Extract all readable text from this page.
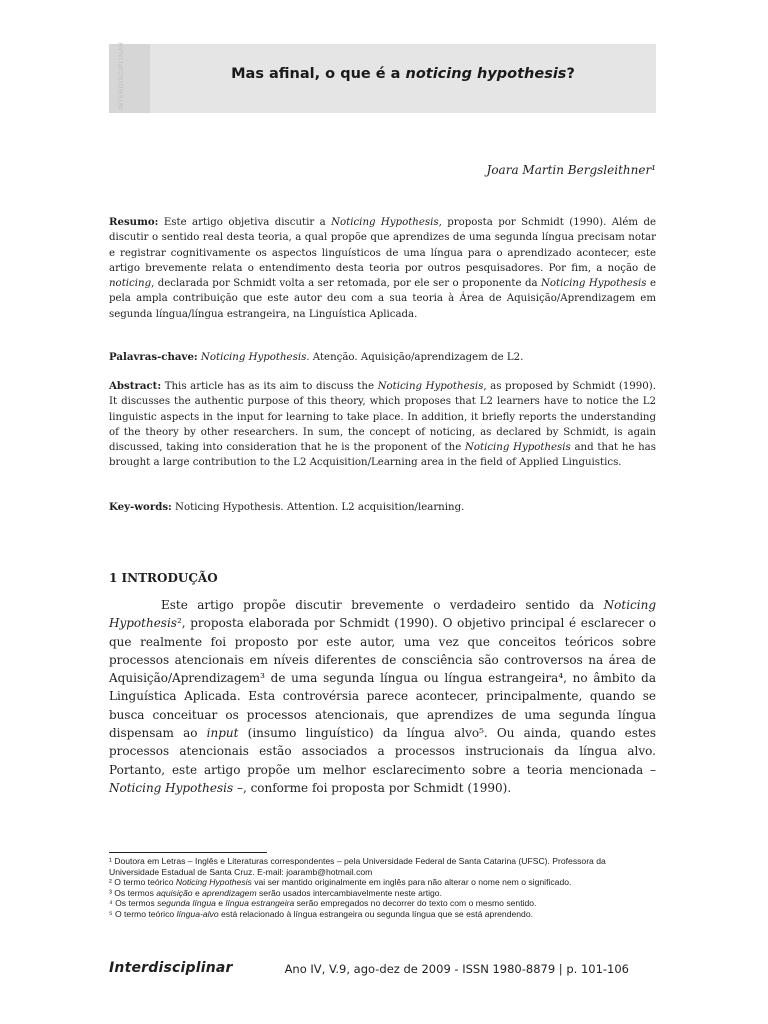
INTERDISCIPLINAR	Mas afinal, o que é a noticing hypothesis?
Joara Martin Bergsleithner¹

Resumo: Este artigo objetiva discutir a Noticing Hypothesis, proposta por Schmidt (1990). Além de discutir o sentido real desta teoria, a qual propõe que aprendizes de uma segunda língua precisam notar e registrar cognitivamente os aspectos linguísticos de uma língua para o aprendizado acontecer, este artigo brevemente relata o entendimento desta teoria por outros pesquisadores. Por fim, a noção de noticing, declarada por Schmidt volta a ser retomada, por ele ser o proponente da Noticing Hypothesis e pela ampla contribuição que este autor deu com a sua teoria à Área de Aquisição/Aprendizagem em segunda língua/língua estrangeira, na Linguística Aplicada.

Palavras-chave: Noticing Hypothesis. Atenção. Aquisição/aprendizagem de L2.

Abstract: This article has as its aim to discuss the Noticing Hypothesis, as proposed by Schmidt (1990). It discusses the authentic purpose of this theory, which proposes that L2 learners have to notice the L2 linguistic aspects in the input for learning to take place. In addition, it briefly reports the understanding of the theory by other researchers. In sum, the concept of noticing, as declared by Schmidt, is again discussed, taking into consideration that he is the proponent of the Noticing Hypothesis and that he has brought a large contribution to the L2 Acquisition/Learning area in the field of Applied Linguistics.

Key-words: Noticing Hypothesis. Attention. L2 acquisition/learning.

1 INTRODUÇÃO

Este artigo propõe discutir brevemente o verdadeiro sentido da Noticing Hypothesis², proposta elaborada por Schmidt (1990). O objetivo principal é esclarecer o que realmente foi proposto por este autor, uma vez que conceitos teóricos sobre processos atencionais em níveis diferentes de consciência são controversos na área de Aquisição/Aprendizagem³ de uma segunda língua ou língua estrangeira⁴, no âmbito da Linguística Aplicada. Esta controvérsia parece acontecer, principalmente, quando se busca conceituar os processos atencionais, que aprendizes de uma segunda língua dispensam ao input (insumo linguístico) da língua alvo⁵. Ou ainda, quando estes processos atencionais estão associados a processos instrucionais da língua alvo. Portanto, este artigo propõe um melhor esclarecimento sobre a teoria mencionada – Noticing Hypothesis –, conforme foi proposta por Schmidt (1990).

¹ Doutora em Letras – Inglês e Literaturas correspondentes – pela Universidade Federal de Santa Catarina (UFSC). Professora da Universidade Estadual de Santa Cruz. E-mail: joaramb@hotmail.com

² O termo teórico Noticing Hypothesis vai ser mantido originalmente em inglês para não alterar o nome nem o significado.

³ Os termos aquisição e aprendizagem serão usados intercambiavelmente neste artigo.

⁴ Os termos segunda língua e língua estrangeira serão empregados no decorrer do texto com o mesmo sentido.

⁵ O termo teórico língua-alvo está relacionado à língua estrangeira ou segunda língua que se está aprendendo.

Interdisciplinar	Ano IV, V.9, ago-dez de 2009 - ISSN 1980-8879 | p. 101-106
